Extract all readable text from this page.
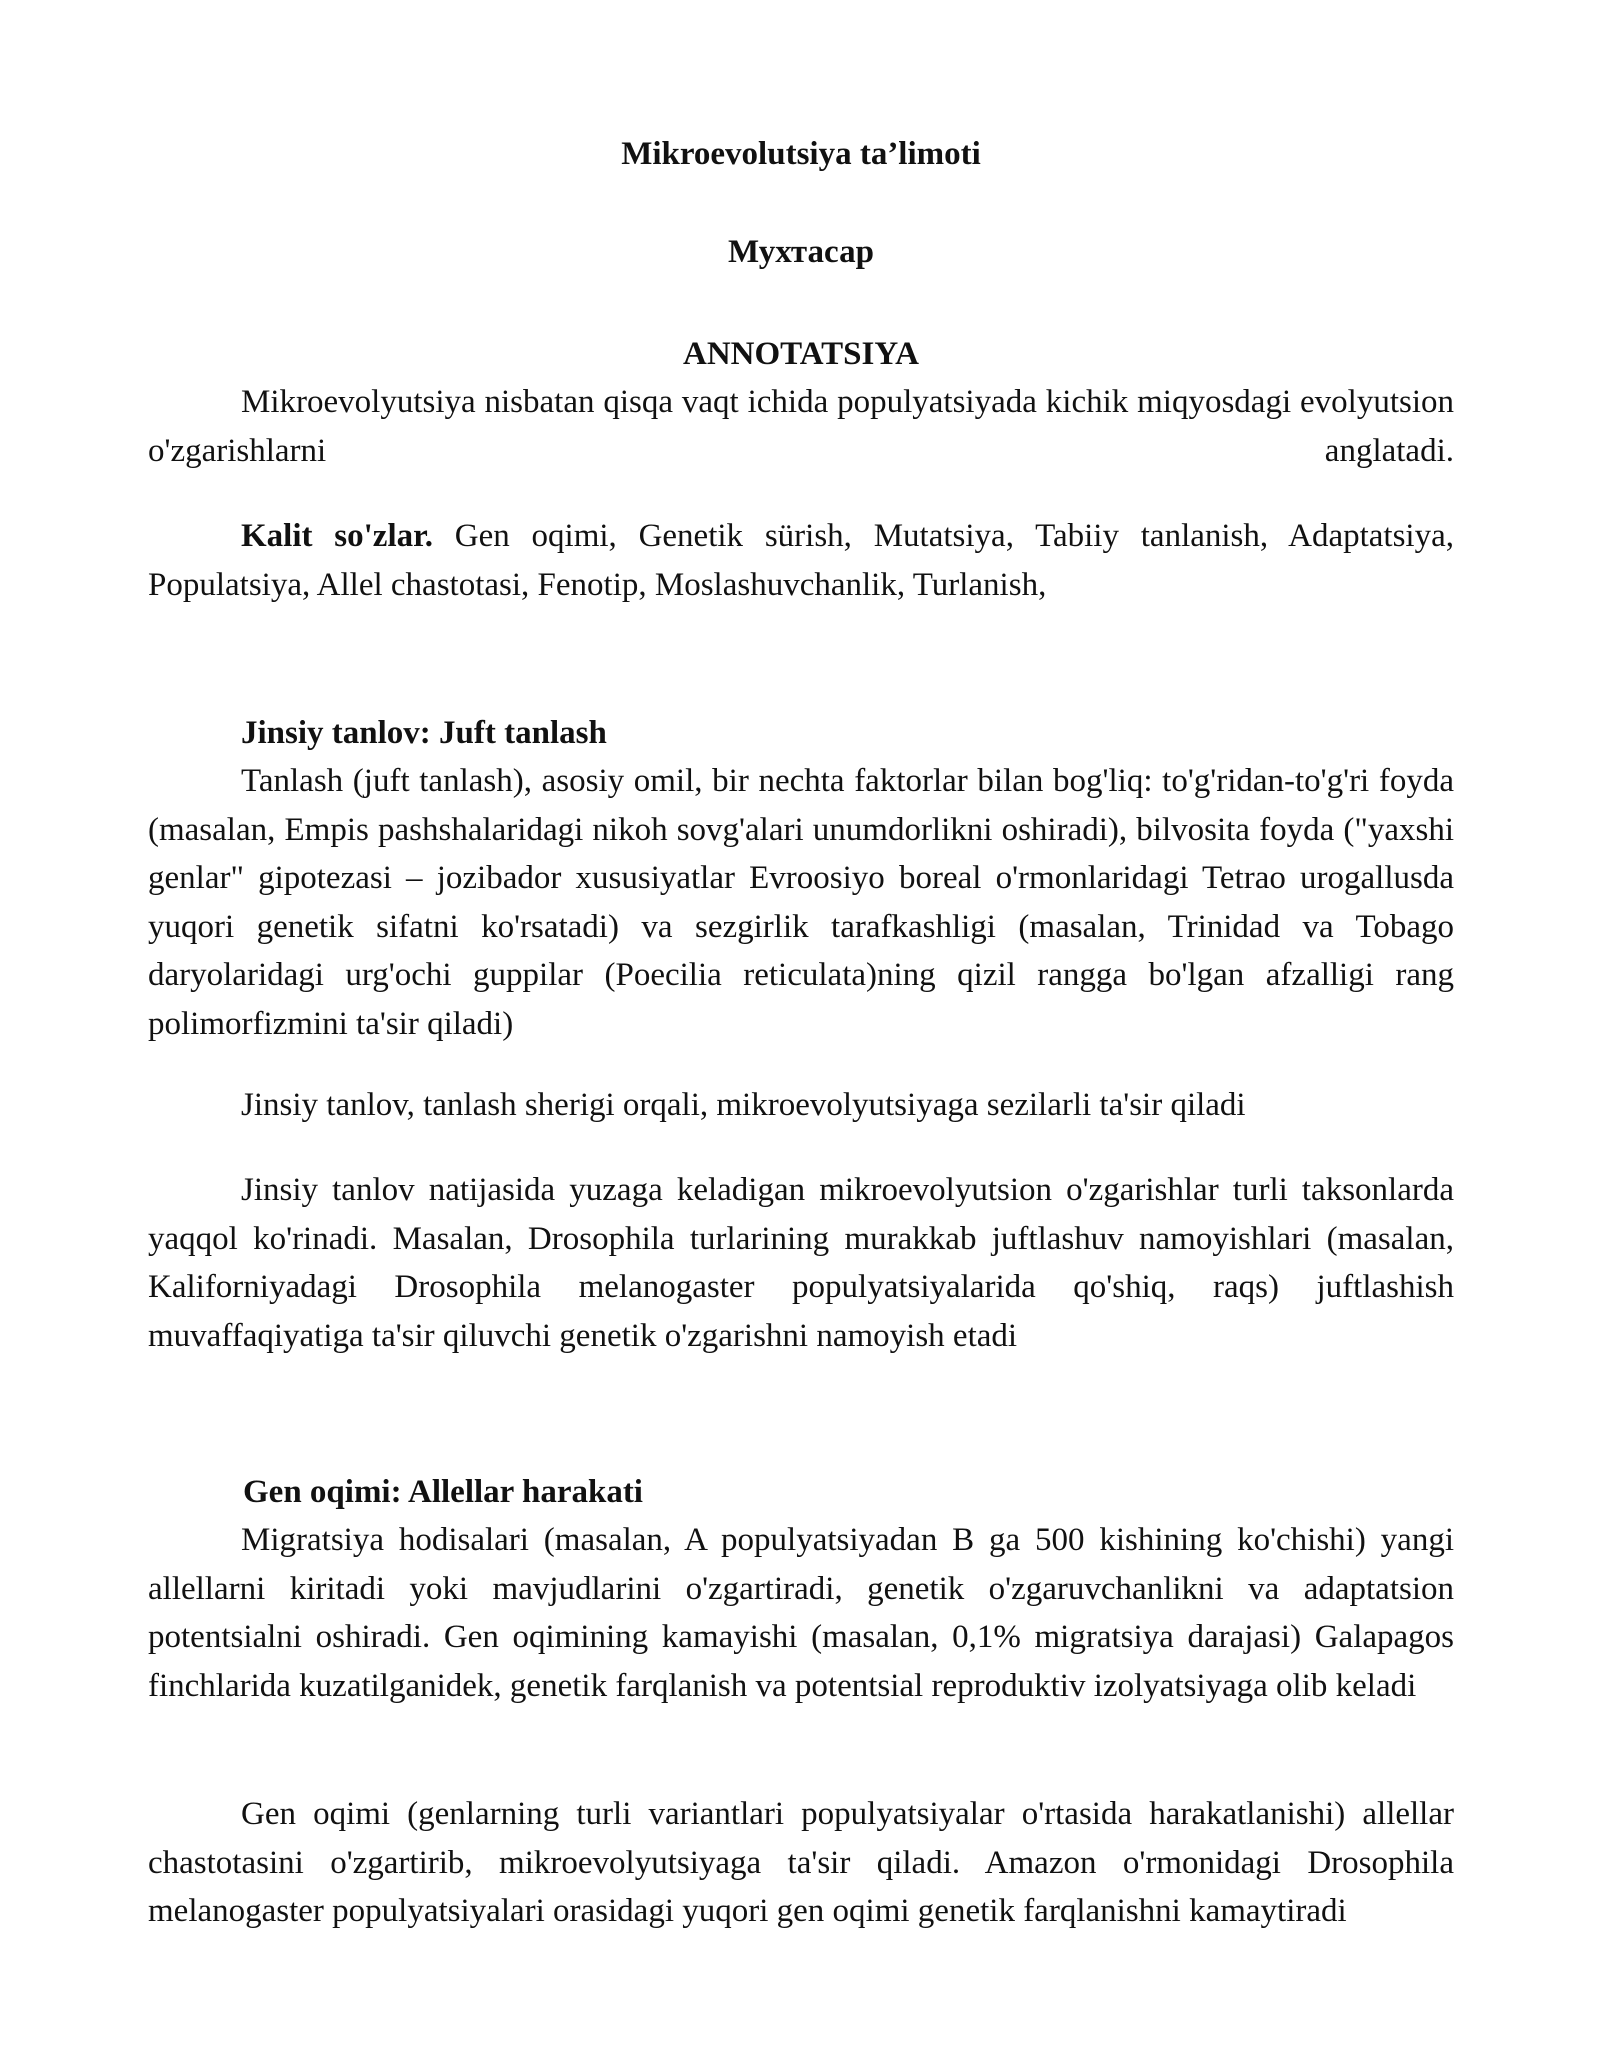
Mikroevolutsiya ta’limoti
Мухтасар
ANNOTATSIYA

Mikroevolyutsiya nisbatan qisqa vaqt ichida populyatsiyada kichik miqyosdagi evolyutsion o'zgarishlarni anglatadi.

Kalit so'zlar. Gen oqimi, Genetik sürish, Mutatsiya, Tabiiy tanlanish, Adaptatsiya, Populatsiya, Allel chastotasi, Fenotip, Moslashuvchanlik, Turlanish,

Jinsiy tanlov: Juft tanlash

Tanlash (juft tanlash), asosiy omil, bir nechta faktorlar bilan bog'liq: to'g'ridan-to'g'ri foyda (masalan, Empis pashshalaridagi nikoh sovg'alari unumdorlikni oshiradi), bilvosita foyda ("yaxshi genlar" gipotezasi – jozibador xususiyatlar Evroosiyo boreal o'rmonlaridagi Tetrao urogallusda yuqori genetik sifatni ko'rsatadi) va sezgirlik tarafkashligi (masalan, Trinidad va Tobago daryolaridagi urg'ochi guppilar (Poecilia reticulata)ning qizil rangga bo'lgan afzalligi rang polimorfizmini ta'sir qiladi)

Jinsiy tanlov, tanlash sherigi orqali, mikroevolyutsiyaga sezilarli ta'sir qiladi

Jinsiy tanlov natijasida yuzaga keladigan mikroevolyutsion o'zgarishlar turli taksonlarda yaqqol ko'rinadi. Masalan, Drosophila turlarining murakkab juftlashuv namoyishlari (masalan, Kaliforniyadagi Drosophila melanogaster populyatsiyalarida qo'shiq, raqs) juftlashish muvaffaqiyatiga ta'sir qiluvchi genetik o'zgarishni namoyish etadi

Gen oqimi: Allellar harakati

Migratsiya hodisalari (masalan, A populyatsiyadan B ga 500 kishining ko'chishi) yangi allellarni kiritadi yoki mavjudlarini o'zgartiradi, genetik o'zgaruvchanlikni va adaptatsion potentsialni oshiradi. Gen oqimining kamayishi (masalan, 0,1% migratsiya darajasi) Galapagos finchlarida kuzatilganidek, genetik farqlanish va potentsial reproduktiv izolyatsiyaga olib keladi

Gen oqimi (genlarning turli variantlari populyatsiyalar o'rtasida harakatlanishi) allellar chastotasini o'zgartirib, mikroevolyutsiyaga ta'sir qiladi. Amazon o'rmonidagi Drosophila melanogaster populyatsiyalari orasidagi yuqori gen oqimi genetik farqlanishni kamaytiradi
